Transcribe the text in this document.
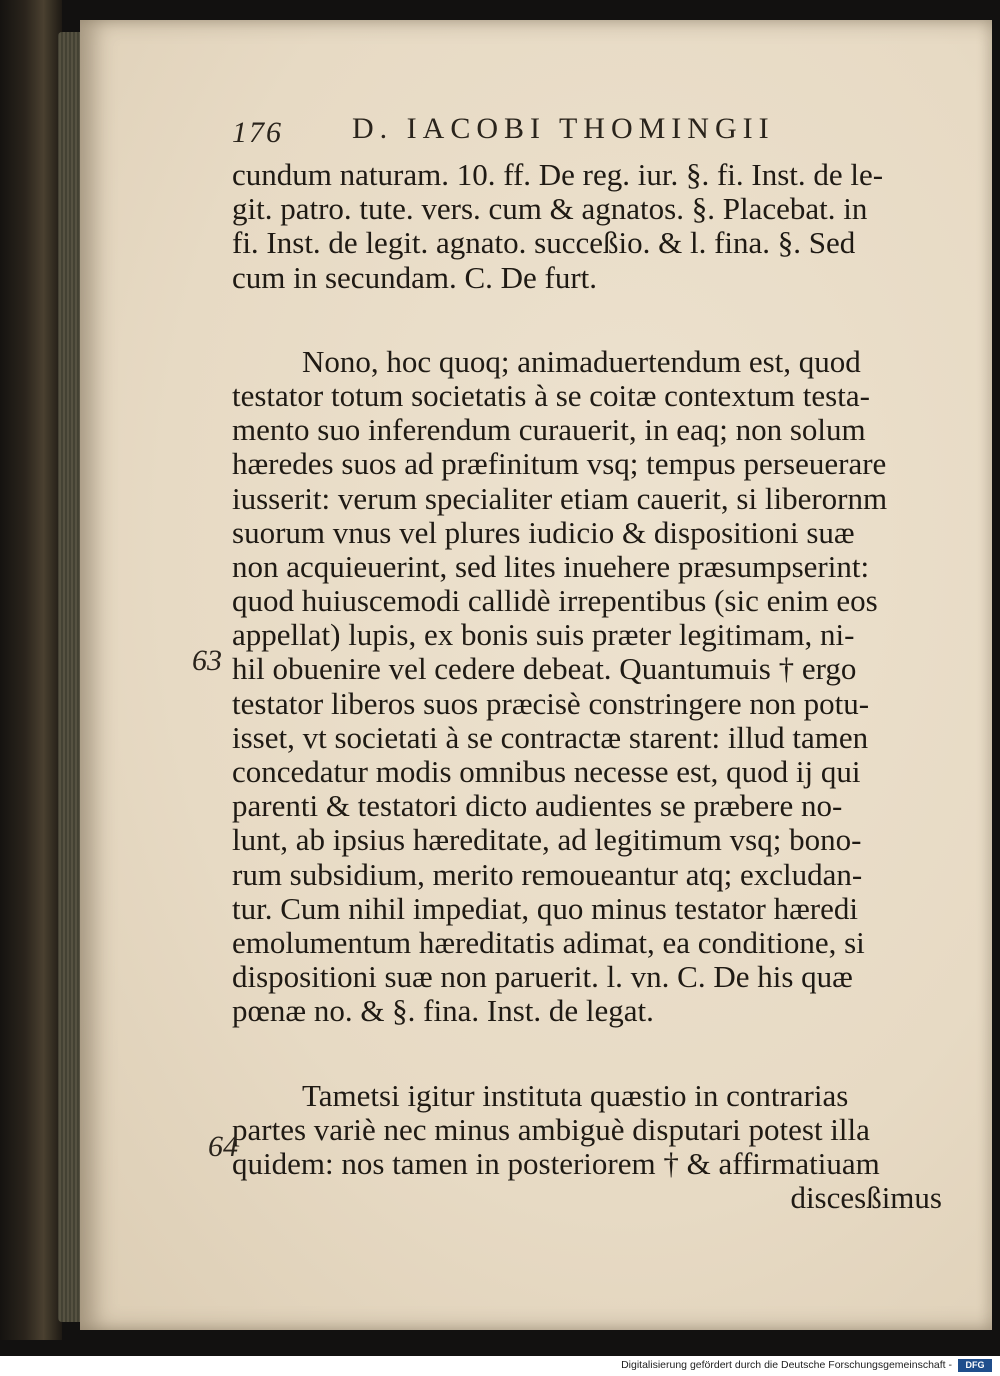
176 D. IACOBI THOMINGII

cundum naturam. 10. ff. De reg. iur. §. fi. Inst. de le-
git. patro. tute. vers. cum & agnatos. §. Placebat. in
fi. Inst. de legit. agnato. succeßio. & l. fina. §. Sed
cum in secundam. C. De furt.

Nono, hoc quoq; animaduertendum est, quod
testator totum societatis à se coitæ contextum testa-
mento suo inferendum curauerit, in eaq; non solum
hæredes suos ad præfinitum vsq; tempus perseuerare
iusserit: verum specialiter etiam cauerit, si liberornm
suorum vnus vel plures iudicio & dispositioni suæ
non acquieuerint, sed lites inuehere præsumpserint:
quod huiuscemodi callidè irrepentibus (sic enim eos
appellat) lupis, ex bonis suis præter legitimam, ni-
hil obuenire vel cedere debeat. Quantumuis † ergo
testator liberos suos præcisè constringere non potu-
isset, vt societati à se contractæ starent: illud tamen
concedatur modis omnibus necesse est, quod ij qui
parenti & testatori dicto audientes se præbere no-
lunt, ab ipsius hæreditate, ad legitimum vsq; bono-
rum subsidium, merito remoueantur atq; excludan-
tur. Cum nihil impediat, quo minus testator hæredi
emolumentum hæreditatis adimat, ea conditione, si
dispositioni suæ non paruerit. l. vn. C. De his quæ
pœnæ no. & §. fina. Inst. de legat.

Tametsi igitur instituta quæstio in contrarias
partes variè nec minus ambiguè disputari potest illa
quidem: nos tamen in posteriorem † & affirmatiuam
discesßimus

63
64
Digitalisierung gefördert durch die Deutsche Forschungsgemeinschaft -	DFG
